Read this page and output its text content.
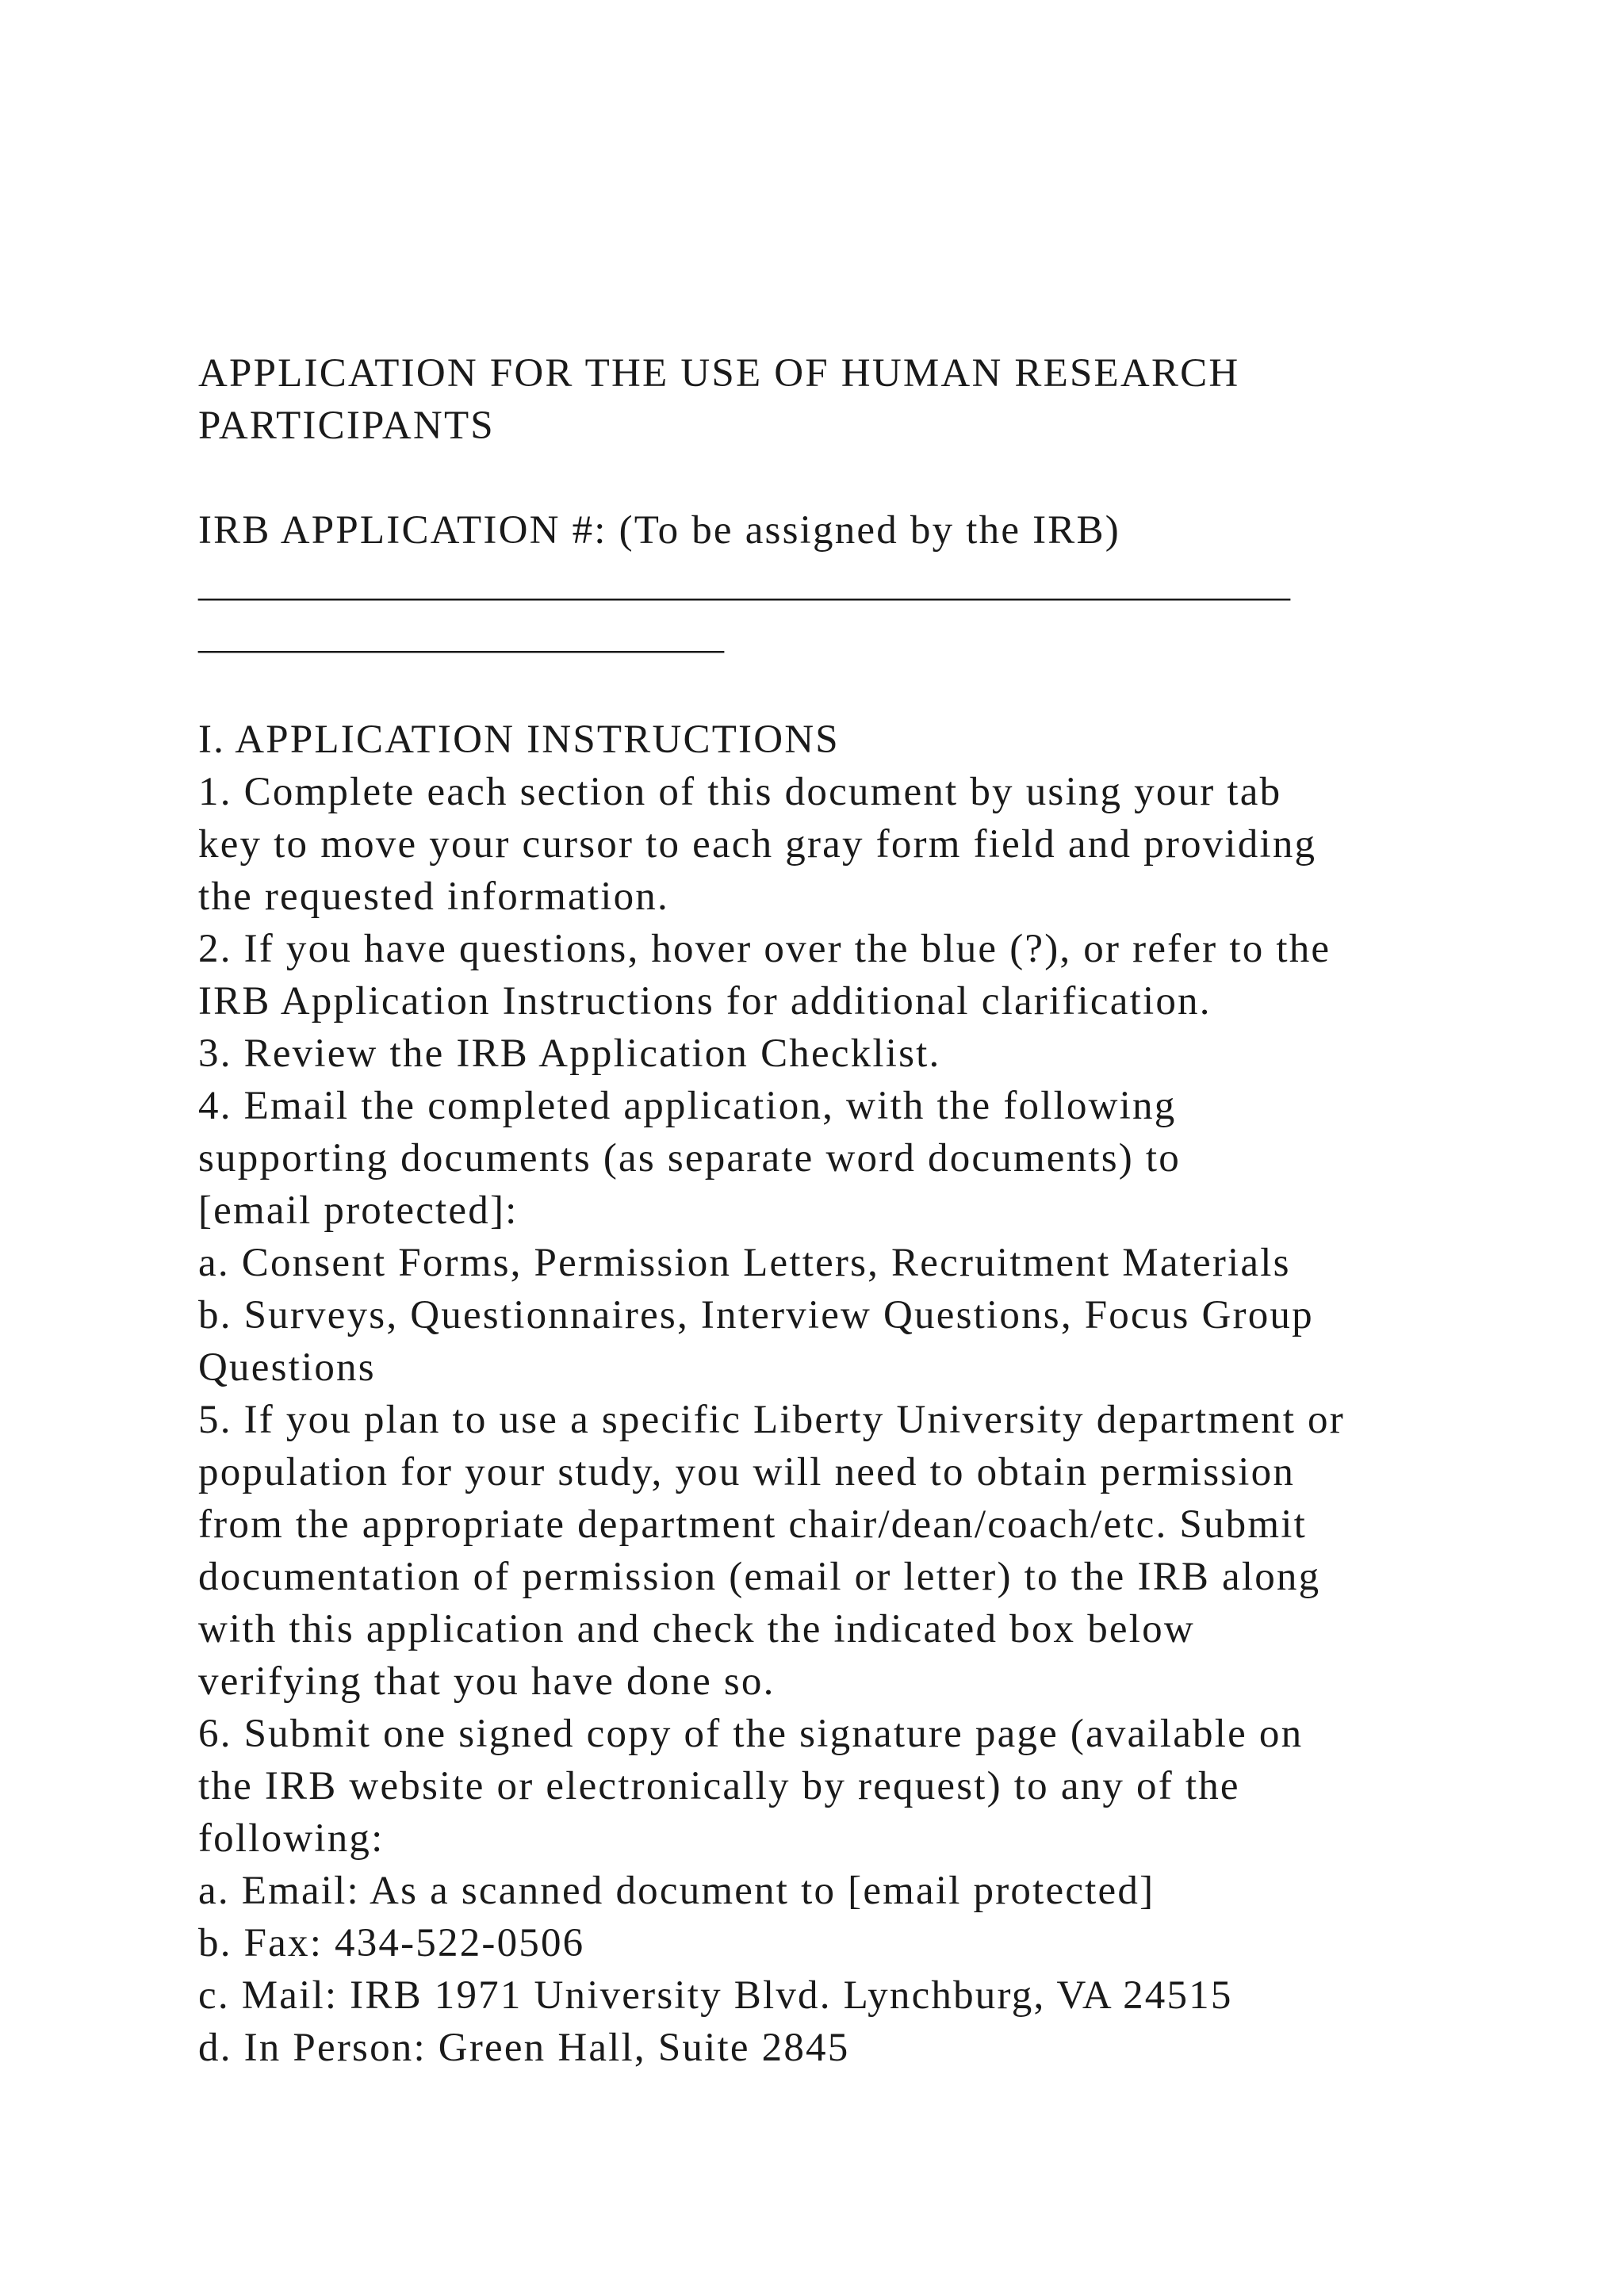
APPLICATION FOR THE USE OF HUMAN RESEARCH
PARTICIPANTS
IRB APPLICATION #: (To be assigned by the IRB)
______________________________________________________
__________________________
I. APPLICATION INSTRUCTIONS
1. Complete each section of this document by using your tab
key to move your cursor to each gray form field and providing
the requested information.
2. If you have questions, hover over the blue (?), or refer to the
IRB Application Instructions for additional clarification.
3. Review the IRB Application Checklist.
4. Email the completed application, with the following
supporting documents (as separate word documents) to
[email protected]:
a. Consent Forms, Permission Letters, Recruitment Materials
b. Surveys, Questionnaires, Interview Questions, Focus Group
Questions
5. If you plan to use a specific Liberty University department or
population for your study, you will need to obtain permission
from the appropriate department chair/dean/coach/etc. Submit
documentation of permission (email or letter) to the IRB along
with this application and check the indicated box below
verifying that you have done so.
6. Submit one signed copy of the signature page (available on
the IRB website or electronically by request) to any of the
following:
a. Email: As a scanned document to [email protected]
b. Fax: 434-522-0506
c. Mail: IRB 1971 University Blvd. Lynchburg, VA 24515
d. In Person: Green Hall, Suite 2845
